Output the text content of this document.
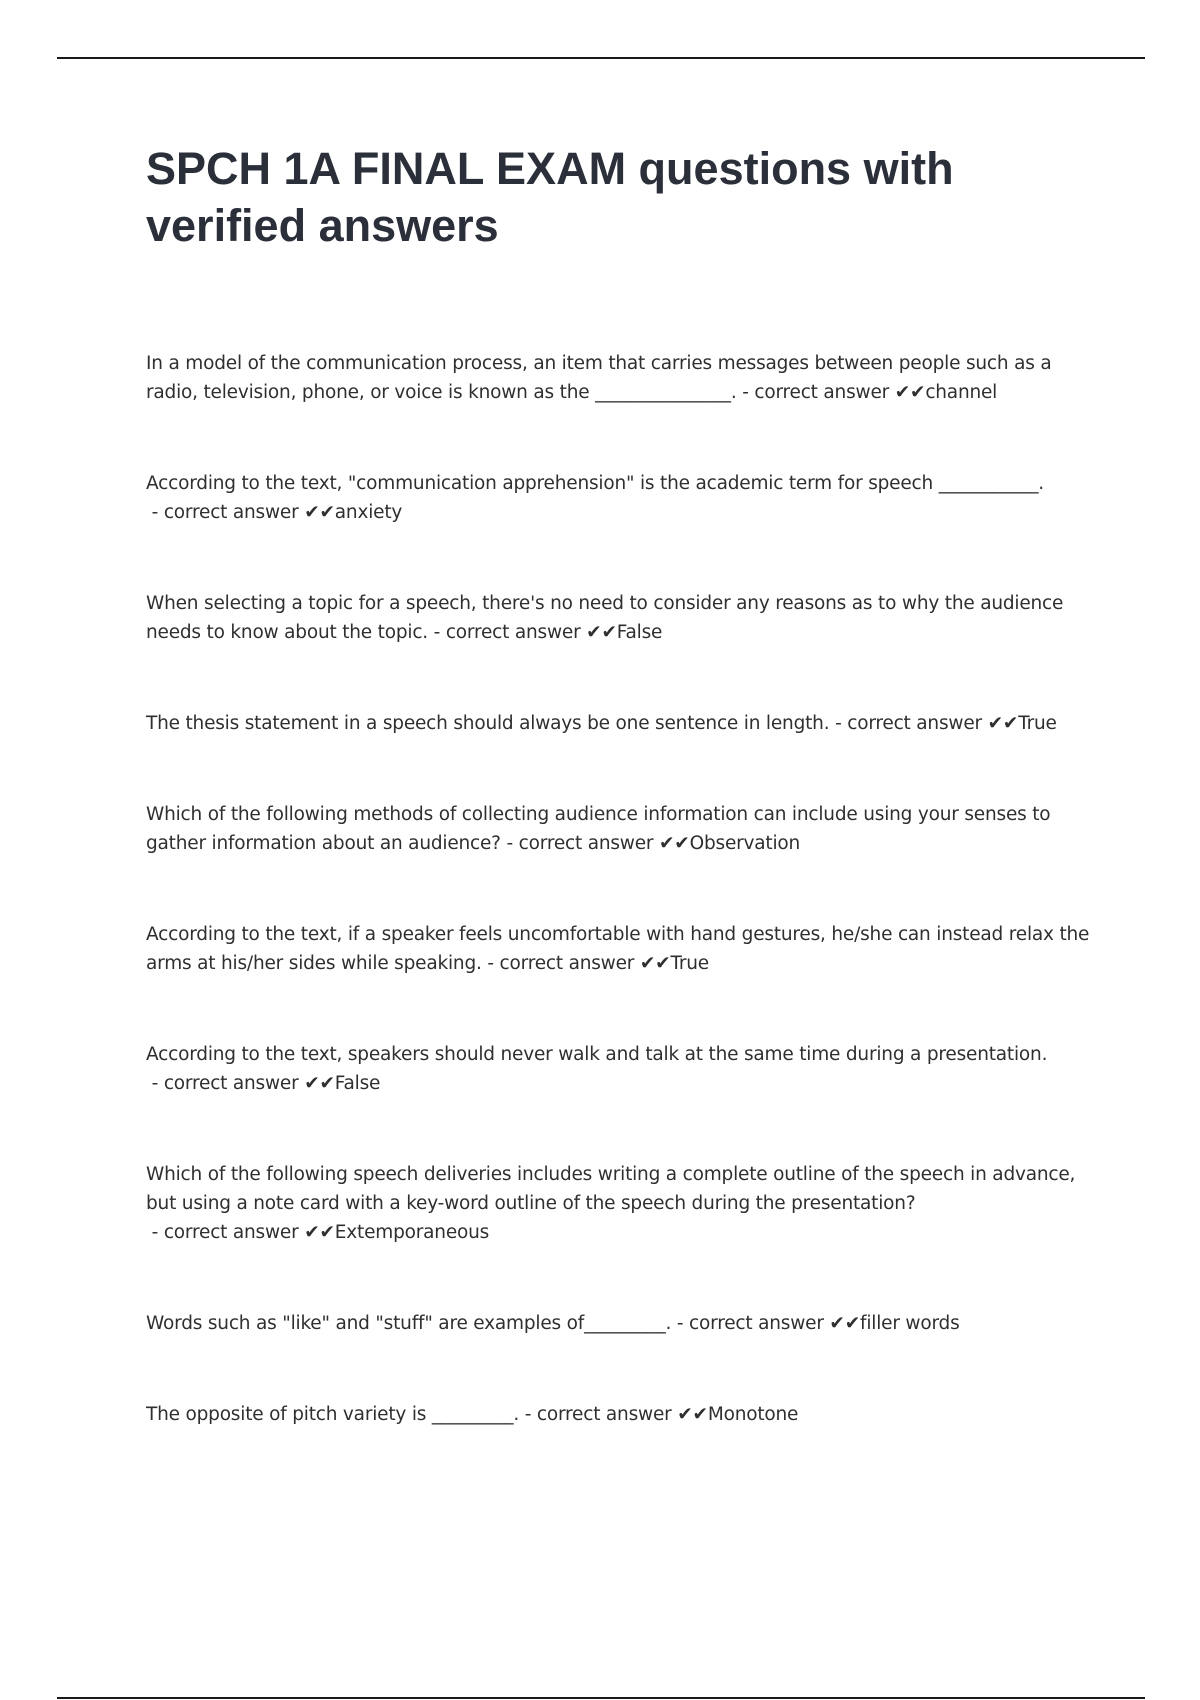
SPCH 1A FINAL EXAM questions with verified answers

In a model of the communication process, an item that carries messages between people such as a radio, television, phone, or voice is known as the _______________. - correct answer ✔✔channel

According to the text, "communication apprehension" is the academic term for speech ___________. - correct answer ✔✔anxiety

When selecting a topic for a speech, there's no need to consider any reasons as to why the audience needs to know about the topic. - correct answer ✔✔False

The thesis statement in a speech should always be one sentence in length. - correct answer ✔✔True

Which of the following methods of collecting audience information can include using your senses to gather information about an audience? - correct answer ✔✔Observation

According to the text, if a speaker feels uncomfortable with hand gestures, he/she can instead relax the arms at his/her sides while speaking. - correct answer ✔✔True

According to the text, speakers should never walk and talk at the same time during a presentation. - correct answer ✔✔False

Which of the following speech deliveries includes writing a complete outline of the speech in advance, but using a note card with a key-word outline of the speech during the presentation? - correct answer ✔✔Extemporaneous

Words such as "like" and "stuff" are examples of_________. - correct answer ✔✔filler words

The opposite of pitch variety is _________. - correct answer ✔✔Monotone
